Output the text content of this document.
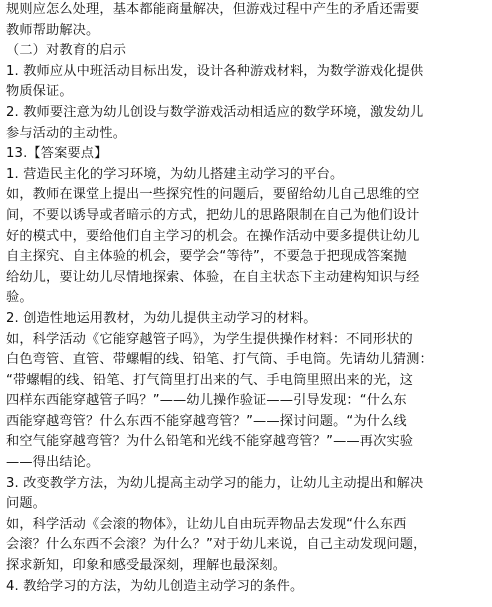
规则应怎么处理，基本都能商量解决，但游戏过程中产生的矛盾还需要
教师帮助解决。
（二）对教育的启示
1. 教师应从中班活动目标出发，设计各种游戏材料，为数学游戏化提供
物质保证。
2. 教师要注意为幼儿创设与数学游戏活动相适应的数学环境，激发幼儿
参与活动的主动性。
13.【答案要点】
1. 营造民主化的学习环境，为幼儿搭建主动学习的平台。
如，教师在课堂上提出一些探究性的问题后，要留给幼儿自己思维的空
间，不要以诱导或者暗示的方式，把幼儿的思路限制在自己为他们设计
好的模式中，要给他们自主学习的机会。在操作活动中要多提供让幼儿
自主探究、自主体验的机会，要学会“等待”，不要急于把现成答案抛
给幼儿，要让幼儿尽情地探索、体验，在自主状态下主动建构知识与经
验。
2. 创造性地运用教材，为幼儿提供主动学习的材料。
如，科学活动《它能穿越管子吗》，为学生提供操作材料：不同形状的
白色弯管、直管、带螺帽的线、铅笔、打气筒、手电筒。先请幼儿猜测：
“带螺帽的线、铅笔、打气筒里打出来的气、手电筒里照出来的光，这
四样东西能穿越管子吗？”——幼儿操作验证——引导发现：“什么东
西能穿越弯管？什么东西不能穿越弯管？”——探讨问题。“为什么线
和空气能穿越弯管？为什么铅笔和光线不能穿越弯管？”——再次实验
——得出结论。
3. 改变教学方法，为幼儿提高主动学习的能力，让幼儿主动提出和解决
问题。
如，科学活动《会滚的物体》，让幼儿自由玩弄物品去发现“什么东西
会滚？什么东西不会滚？为什么？”对于幼儿来说，自己主动发现问题，
探求新知，印象和感受最深刻，理解也最深刻。
4. 教给学习的方法，为幼儿创造主动学习的条件。
